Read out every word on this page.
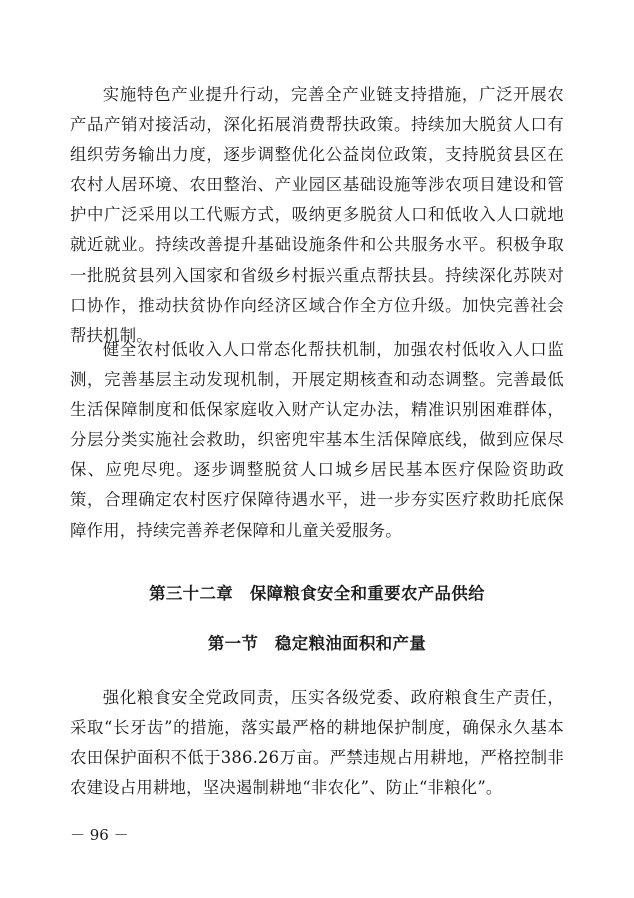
实施特色产业提升行动，完善全产业链支持措施，广泛开展农产品产销对接活动，深化拓展消费帮扶政策。持续加大脱贫人口有组织劳务输出力度，逐步调整优化公益岗位政策，支持脱贫县区在农村人居环境、农田整治、产业园区基础设施等涉农项目建设和管护中广泛采用以工代赈方式，吸纳更多脱贫人口和低收入人口就地就近就业。持续改善提升基础设施条件和公共服务水平。积极争取一批脱贫县列入国家和省级乡村振兴重点帮扶县。持续深化苏陕对口协作，推动扶贫协作向经济区域合作全方位升级。加快完善社会帮扶机制。

健全农村低收入人口常态化帮扶机制，加强农村低收入人口监测，完善基层主动发现机制，开展定期核查和动态调整。完善最低生活保障制度和低保家庭收入财产认定办法，精准识别困难群体，分层分类实施社会救助，织密兜牢基本生活保障底线，做到应保尽保、应兜尽兜。逐步调整脱贫人口城乡居民基本医疗保险资助政策，合理确定农村医疗保障待遇水平，进一步夯实医疗救助托底保障作用，持续完善养老保障和儿童关爱服务。

第三十二章　保障粮食安全和重要农产品供给
第一节　稳定粮油面积和产量

强化粮食安全党政同责，压实各级党委、政府粮食生产责任，采取“长牙齿”的措施，落实最严格的耕地保护制度，确保永久基本农田保护面积不低于386.26万亩。严禁违规占用耕地，严格控制非农建设占用耕地，坚决遏制耕地“非农化”、防止“非粮化”。

－ 96 －
